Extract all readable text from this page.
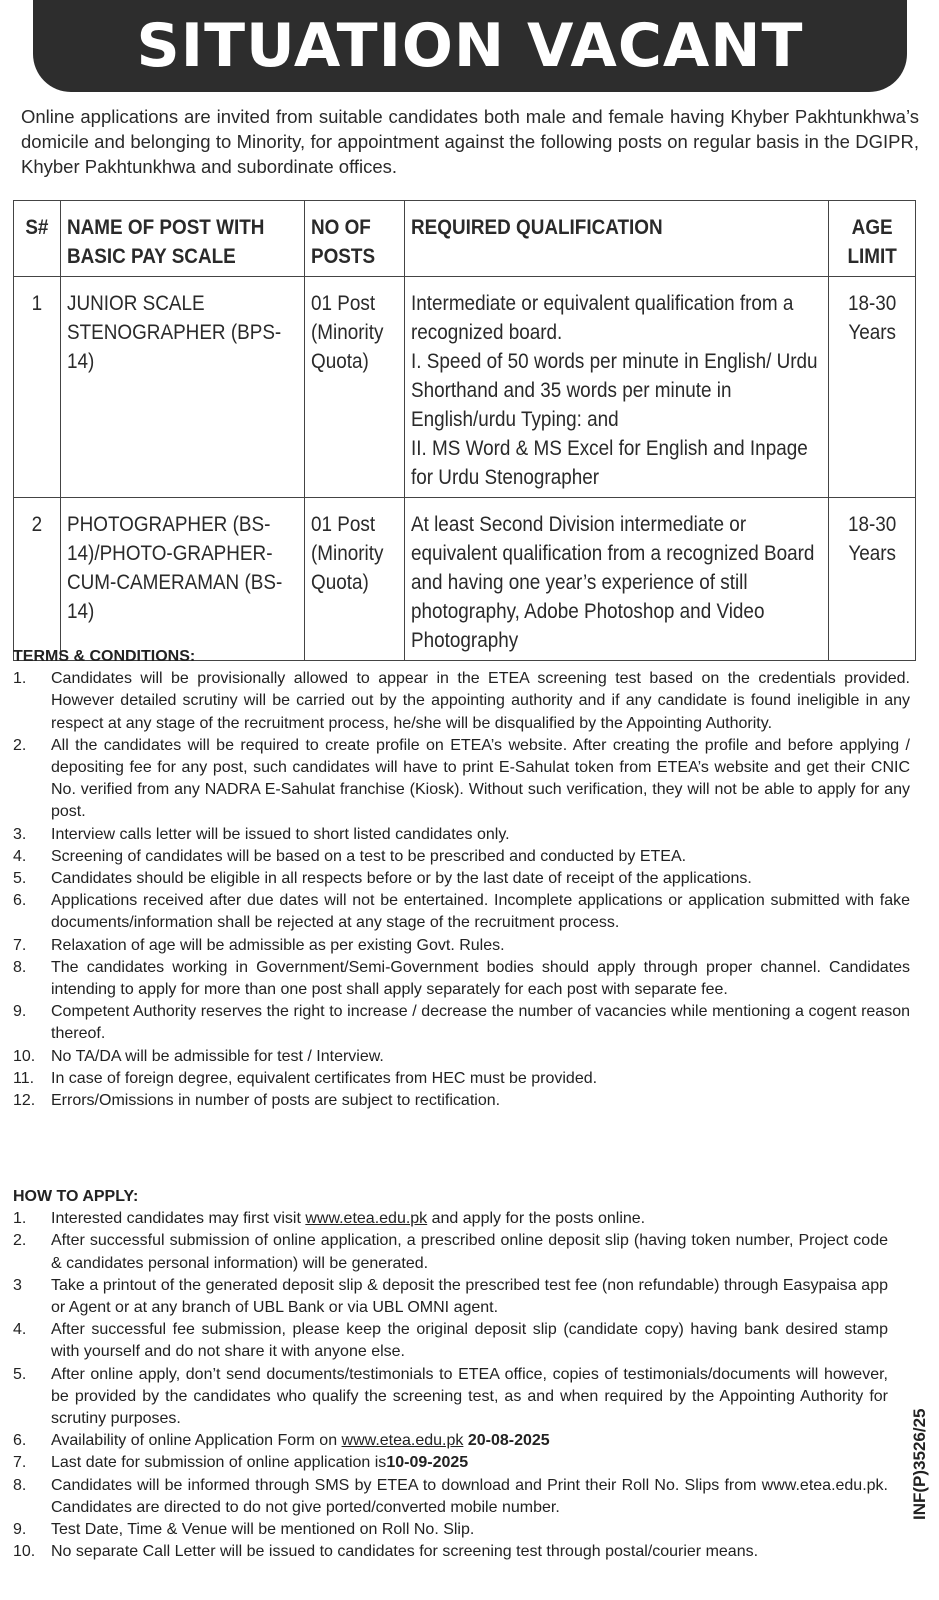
SITUATION VACANT

Online applications are invited from suitable candidates both male and female having Khyber Pakhtunkhwa’s domicile and belonging to Minority, for appointment against the following posts on regular basis in the DGIPR, Khyber Pakhtunkhwa and subordinate offices.

S#	NAME OF POST WITH BASIC PAY SCALE	NO OF POSTS	REQUIRED QUALIFICATION	AGE LIMIT

1	JUNIOR SCALE STENOGRAPHER (BPS-14)	01 Post (Minority Quota)	Intermediate or equivalent qualification from a recognized board.
I. Speed of 50 words per minute in English/ Urdu Shorthand and 35 words per minute in English/urdu Typing: and
II. MS Word & MS Excel for English and Inpage for Urdu Stenographer	18-30 Years

2	PHOTOGRAPHER (BS-14)/PHOTO-GRAPHER-CUM-CAMERAMAN (BS-14)	01 Post (Minority Quota)	At least Second Division intermediate or equivalent qualification from a recognized Board and having one year’s experience of still photography, Adobe Photoshop and Video Photography	18-30 Years
TERMS & CONDITIONS:
1.	Candidates will be provisionally allowed to appear in the ETEA screening test based on the credentials provided. However detailed scrutiny will be carried out by the appointing authority and if any candidate is found ineligible in any respect at any stage of the recruitment process, he/she will be disqualified by the Appointing Authority.
2.	All the candidates will be required to create profile on ETEA’s website. After creating the profile and before applying / depositing fee for any post, such candidates will have to print E-Sahulat token from ETEA’s website and get their CNIC No. verified from any NADRA E-Sahulat franchise (Kiosk). Without such verification, they will not be able to apply for any post.
3.	Interview calls letter will be issued to short listed candidates only.
4.	Screening of candidates will be based on a test to be prescribed and conducted by ETEA.
5.	Candidates should be eligible in all respects before or by the last date of receipt of the applications.
6.	Applications received after due dates will not be entertained. Incomplete applications or application submitted with fake documents/information shall be rejected at any stage of the recruitment process.
7.	Relaxation of age will be admissible as per existing Govt. Rules.
8.	The candidates working in Government/Semi-Government bodies should apply through proper channel. Candidates intending to apply for more than one post shall apply separately for each post with separate fee.
9.	Competent Authority reserves the right to increase / decrease the number of vacancies while mentioning a cogent reason thereof.
10. No TA/DA will be admissible for test / Interview.
11.	In case of foreign degree, equivalent certificates from HEC must be provided.
12. Errors/Omissions in number of posts are subject to rectification.
HOW TO APPLY:
1.	Interested candidates may first visit www.etea.edu.pk and apply for the posts online.
2.	After successful submission of online application, a prescribed online deposit slip (having token number, Project code & candidates personal information) will be generated.
3	Take a printout of the generated deposit slip & deposit the prescribed test fee (non refundable) through Easypaisa app or Agent or at any branch of UBL Bank or via UBL OMNI agent.
4.	After successful fee submission, please keep the original deposit slip (candidate copy) having bank desired stamp with yourself and do not share it with anyone else.
5.	After online apply, don’t send documents/testimonials to ETEA office, copies of testimonials/documents will however, be provided by the candidates who qualify the screening test, as and when required by the Appointing Authority for scrutiny purposes.
6.	Availability of online Application Form on www.etea.edu.pk 20-08-2025
7.	Last date for submission of online application is10-09-2025
8.	Candidates will be informed through SMS by ETEA to download and Print their Roll No. Slips from www.etea.edu.pk. Candidates are directed to do not give ported/converted mobile number.
9.	Test Date, Time & Venue will be mentioned on Roll No. Slip.
10. No separate Call Letter will be issued to candidates for screening test through postal/courier means.
INF(P)3526/25
